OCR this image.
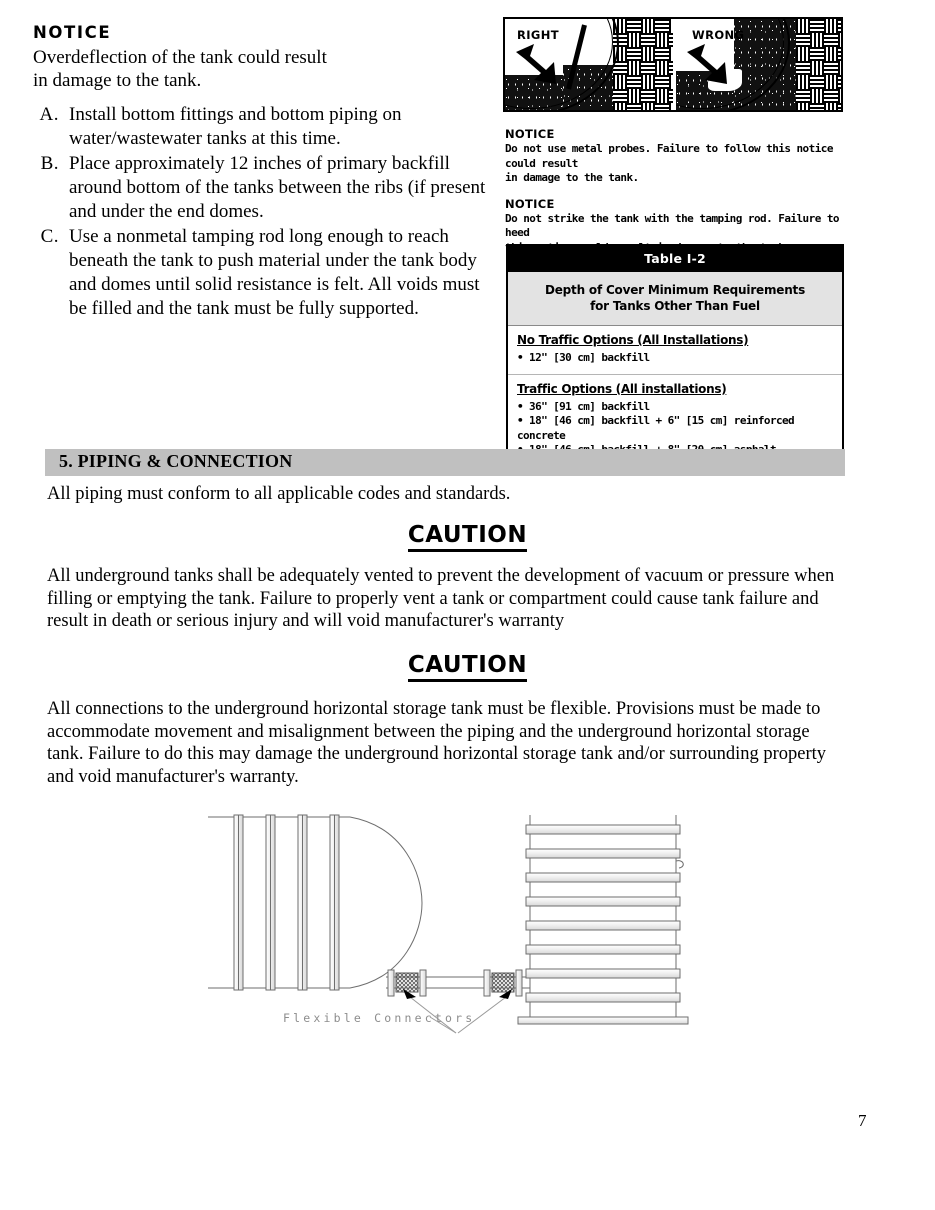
NOTICE

Overdeflection of the tank could result
in damage to the tank.
A. Install bottom fittings and bottom piping on water/wastewater tanks at this time.
B. Place approximately 12 inches of primary backfill around bottom of the tanks between the ribs (if present and under the end domes.
C. Use a nonmetal tamping rod long enough to reach beneath the tank to push material under the tank body and domes until solid resistance is felt. All voids must be filled and the tank must be fully supported.
RIGHT	WRONG

NOTICE

Do not use metal probes. Failure to follow this notice could result
in damage to the tank.

NOTICE

Do not strike the tank with the tamping rod. Failure to heed

Table I-2
Depth of Cover Minimum Requirements
for Tanks Other Than Fuel
No Traffic Options (All Installations)
• 12" [30 cm] backfill
Traffic Options (All installations)
• 36" [91 cm] backfill
• 18" [46 cm] backfill + 6" [15 cm] reinforced concrete
5. PIPING & CONNECTION
All piping must conform to all applicable codes and standards.
CAUTION
All underground tanks shall be adequately vented to prevent the development of vacuum or pressure when filling or emptying the tank. Failure to properly vent a tank or compartment could cause tank failure and result in death or serious injury and will void manufacturer's warranty
CAUTION
All connections to the underground horizontal storage tank must be flexible. Provisions must be made to accommodate movement and misalignment between the piping and the underground horizontal storage tank. Failure to do this may damage the underground horizontal storage tank and/or surrounding property and void manufacturer's warranty.
Flexible Connectors
7
